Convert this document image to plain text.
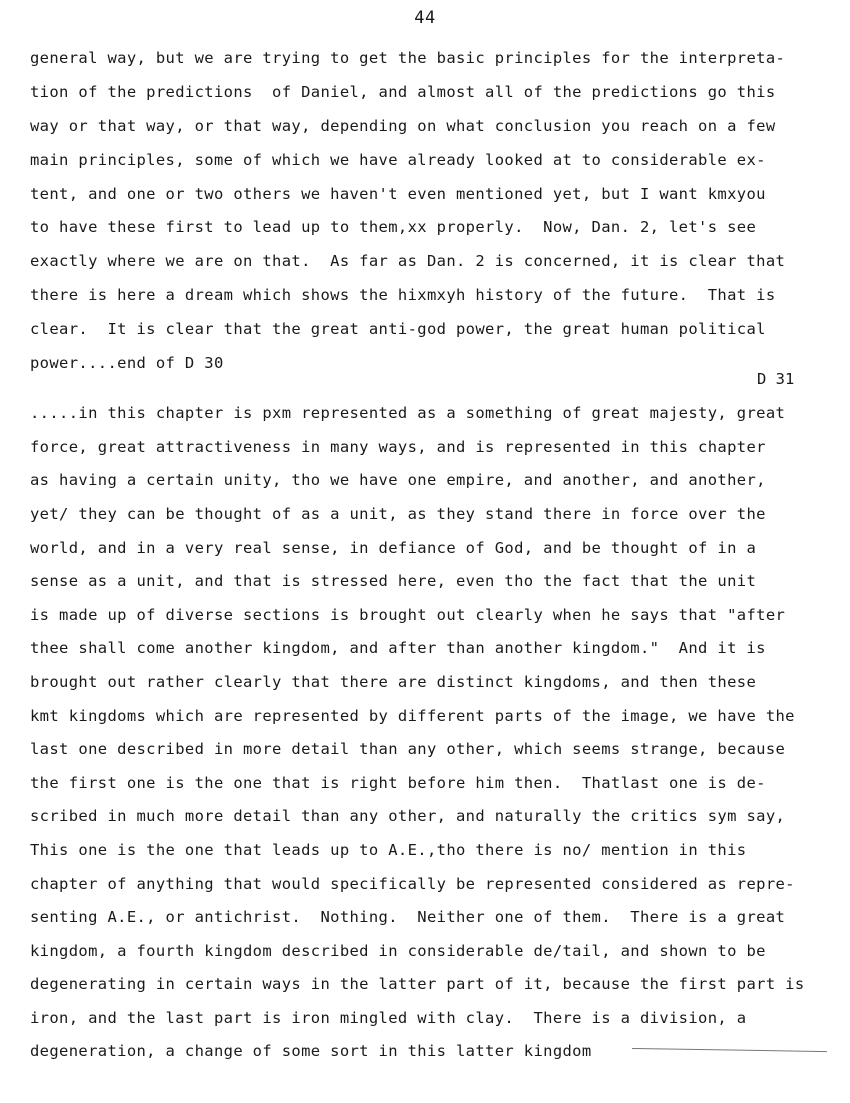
44
general way, but we are trying to get the basic principles for the interpreta-
tion of the predictions  of Daniel, and almost all of the predictions go this
way or that way, or that way, depending on what conclusion you reach on a few
main principles, some of which we have already looked at to considerable ex-
tent, and one or two others we haven't even mentioned yet, but I want kmxyou
to have these first to lead up to them,xx properly.  Now, Dan. 2, let's see
exactly where we are on that.  As far as Dan. 2 is concerned, it is clear that
there is here a dream which shows the hixmxyh history of the future.  That is
clear.  It is clear that the great anti-god power, the great human political
power....end of D 30
D 31
.....in this chapter is pxm represented as a something of great majesty, great
force, great attractiveness in many ways, and is represented in this chapter
as having a certain unity, tho we have one empire, and another, and another,
yet/ they can be thought of as a unit, as they stand there in force over the
world, and in a very real sense, in defiance of God, and be thought of in a
sense as a unit, and that is stressed here, even tho the fact that the unit
is made up of diverse sections is brought out clearly when he says that "after
thee shall come another kingdom, and after than another kingdom."  And it is
brought out rather clearly that there are distinct kingdoms, and then these
kmt kingdoms which are represented by different parts of the image, we have the
last one described in more detail than any other, which seems strange, because
the first one is the one that is right before him then.  Thatlast one is de-
scribed in much more detail than any other, and naturally the critics sym say,
This one is the one that leads up to A.E.,tho there is no/ mention in this
chapter of anything that would specifically be represented considered as repre-
senting A.E., or antichrist.  Nothing.  Neither one of them.  There is a great
kingdom, a fourth kingdom described in considerable de/tail, and shown to be
degenerating in certain ways in the latter part of it, because the first part is
iron, and the last part is iron mingled with clay.  There is a division, a
degeneration, a change of some sort in this latter kingdom
